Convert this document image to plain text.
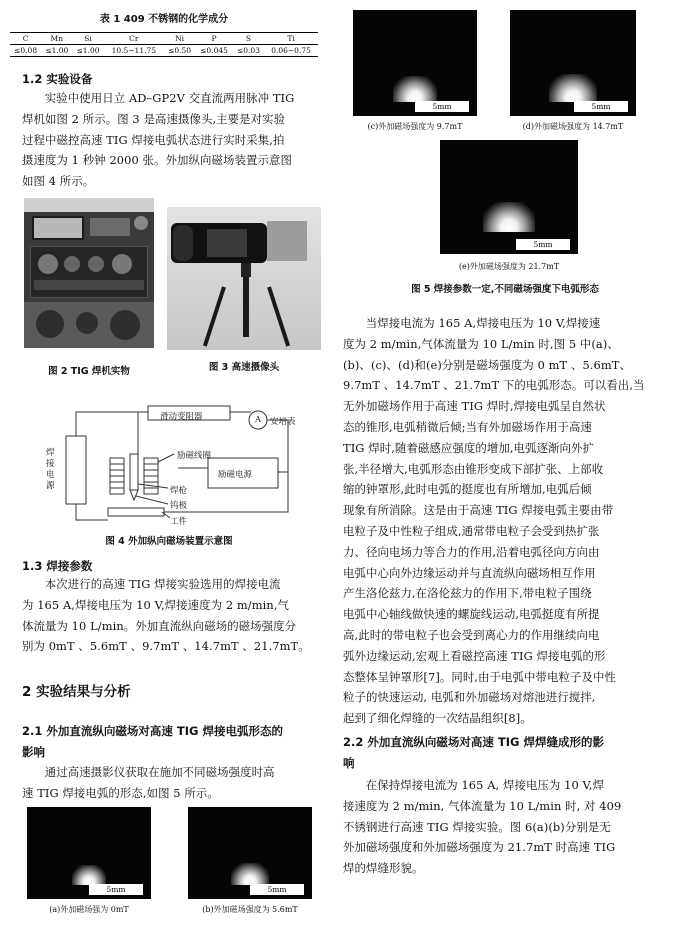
表 1 409 不锈钢的化学成分
C	Mn	Si	Cr	Ni	P	S	Ti
≤0.08	≤1.00	≤1.00	10.5~11.75	≤0.50	≤0.045	≤0.03	0.06~0.75
1.2 实验设备

实验中使用日立 AD–GP2V 交直流两用脉冲 TIG

焊机如图 2 所示。图 3 是高速摄像头,主要是对实验

过程中磁控高速 TIG 焊接电弧状态进行实时采集,拍

摄速度为 1 秒钟 2000 张。外加纵向磁场装置示意图

如图 4 所示。

图 2 TIG 焊机实物	图 3 高速摄像头
滑动变阻器	A	安培表
焊
接
电
源
励磁线圈
励磁电源
焊枪
钨极
工件
图 4 外加纵向磁场装置示意图
1.3 焊接参数

本次进行的高速 TIG 焊接实验选用的焊接电流

为 165 A,焊接电压为 10 V,焊接速度为 2 m/min,气

体流量为 10 L/min。外加直流纵向磁场的磁场强度分

别为 0mT 、5.6mT 、9.7mT 、14.7mT 、21.7mT。

2 实验结果与分析
2.1 外加直流纵向磁场对高速 TIG 焊接电弧形态的
影响

通过高速摄影仪获取在施加不同磁场强度时高

速 TIG 焊接电弧的形态,如图 5 所示。

5mm
(a)外加磁场强为 0mT
5mm
(b)外加磁场强度为 5.6mT
5mm
(c)外加磁场强度为 9.7mT
5mm
(d)外加磁场强度为 14.7mT
5mm
(e)外加磁场强度为 21.7mT
图 5 焊接参数一定,不同磁场强度下电弧形态

当焊接电流为 165 A,焊接电压为 10 V,焊接速

度为 2 m/min,气体流量为 10 L/min 时,图 5 中(a)、

(b)、(c)、(d)和(e)分别是磁场强度为 0 mT 、5.6mT、

9.7mT 、14.7mT 、21.7mT 下的电弧形态。可以看出,当

无外加磁场作用于高速 TIG 焊时,焊接电弧呈自然状

态的锥形,电弧稍微后倾;当有外加磁场作用于高速

TIG 焊时,随着磁感应强度的增加,电弧逐渐向外扩

张,半径增大,电弧形态由锥形变成下部扩张、上部收

缩的钟罩形,此时电弧的挺度也有所增加,电弧后倾

现象有所消除。这是由于高速 TIG 焊接电弧主要由带

电粒子及中性粒子组成,通常带电粒子会受到热扩张

力、径向电场力等合力的作用,沿着电弧径向方向由

电弧中心向外边缘运动并与直流纵向磁场相互作用

产生洛伦兹力,在洛伦兹力的作用下,带电粒子围绕

电弧中心轴线做快速的螺旋线运动,电弧挺度有所提

高,此时的带电粒子也会受到离心力的作用继续向电

弧外边缘运动,宏观上看磁控高速 TIG 焊接电弧的形

态整体呈钟罩形[7]。同时,由于电弧中带电粒子及中性

粒子的快速运动, 电弧和外加磁场对熔池进行搅拌,

起到了细化焊缝的一次结晶组织[8]。

2.2 外加直流纵向磁场对高速 TIG 焊焊缝成形的影
响

在保持焊接电流为 165 A, 焊接电压为 10 V,焊

接速度为 2 m/min, 气体流量为 10 L/min 时, 对 409

不锈钢进行高速 TIG 焊接实验。图 6(a)(b)分别是无

外加磁场强度和外加磁场强度为 21.7mT 时高速 TIG

焊的焊缝形貌。
